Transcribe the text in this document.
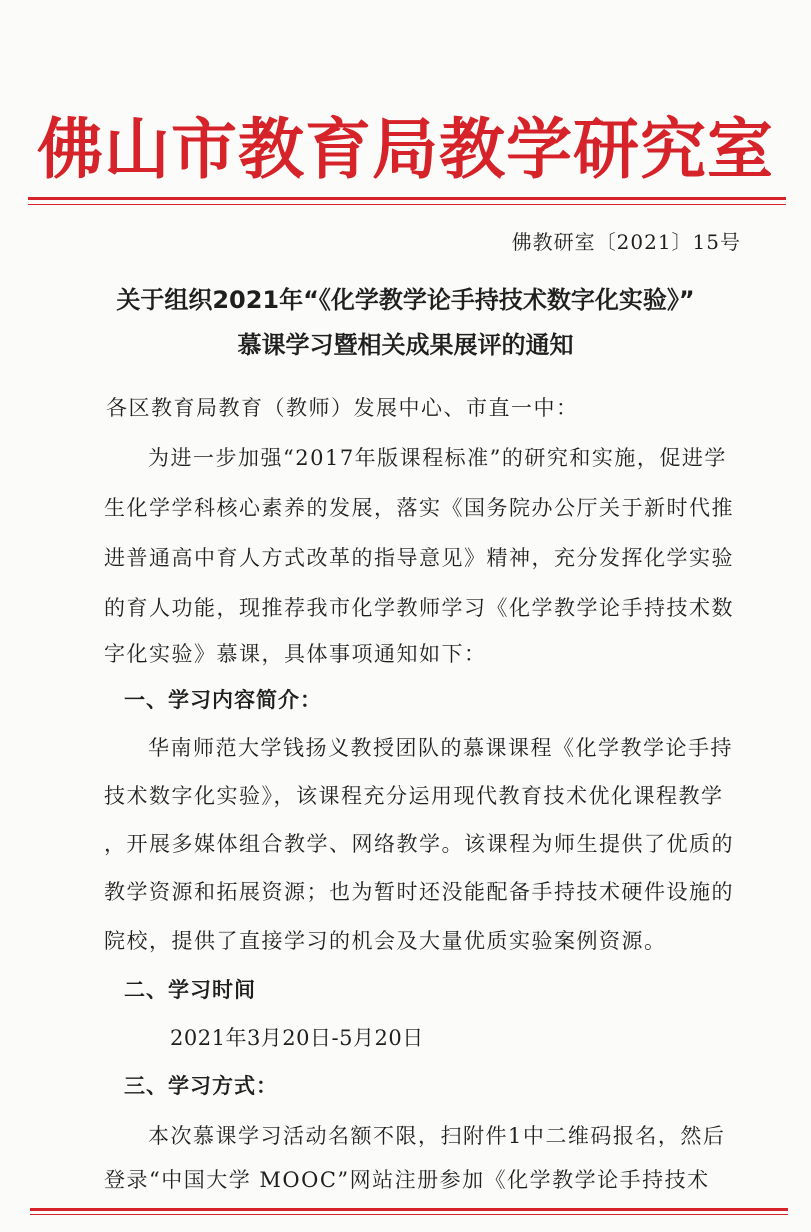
佛山市教育局教学研究室
佛教研室〔2021〕15号
关于组织2021年“《化学教学论手持技术数字化实验》”
慕课学习暨相关成果展评的通知
各区教育局教育（教师）发展中心、市直一中：
为进一步加强“2017年版课程标准”的研究和实施，促进学
生化学学科核心素养的发展，落实《国务院办公厅关于新时代推
进普通高中育人方式改革的指导意见》精神，充分发挥化学实验
的育人功能，现推荐我市化学教师学习《化学教学论手持技术数
字化实验》慕课，具体事项通知如下：
一、学习内容简介：
华南师范大学钱扬义教授团队的慕课课程《化学教学论手持
技术数字化实验》，该课程充分运用现代教育技术优化课程教学
，开展多媒体组合教学、网络教学。该课程为师生提供了优质的
教学资源和拓展资源；也为暂时还没能配备手持技术硬件设施的
院校，提供了直接学习的机会及大量优质实验案例资源。
二、学习时间
2021年3月20日-5月20日
三、学习方式：
本次慕课学习活动名额不限，扫附件1中二维码报名，然后
登录“中国大学 MOOC”网站注册参加《化学教学论手持技术
